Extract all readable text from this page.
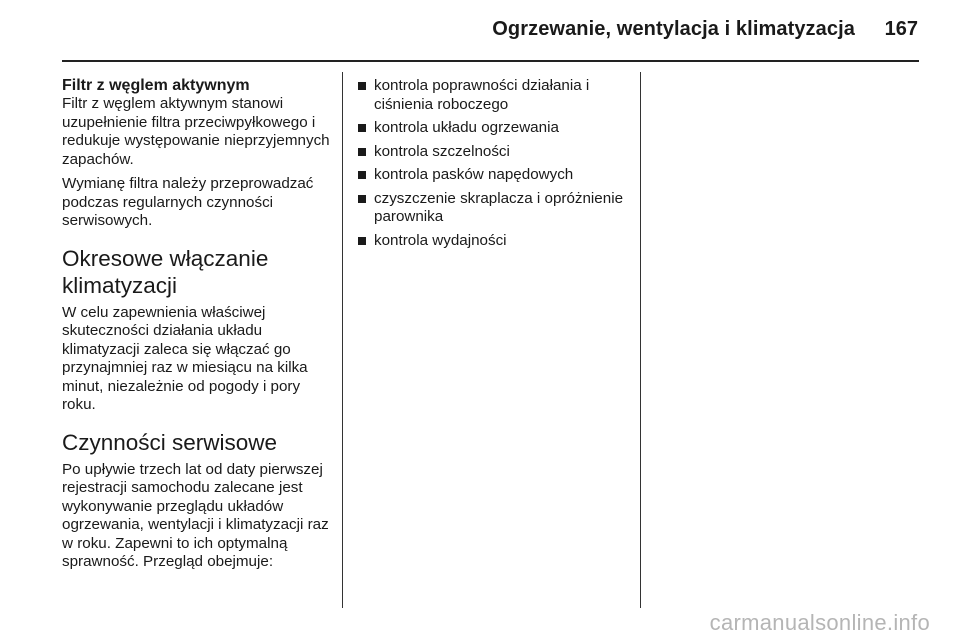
Ogrzewanie, wentylacja i klimatyzacja	167
Filtr z węglem aktywnym

Filtr z węglem aktywnym stanowi uzupełnienie filtra przeciwpyłkowego i redukuje występowanie nieprzyjemnych zapachów.

Wymianę filtra należy przeprowadzać podczas regularnych czynności serwisowych.

Okresowe włączanie klimatyzacji

W celu zapewnienia właściwej skuteczności działania układu klimatyzacji zaleca się włączać go przynajmniej raz w miesiącu na kilka minut, niezależnie od pogody i pory roku.

Czynności serwisowe

Po upływie trzech lat od daty pierwszej rejestracji samochodu zalecane jest wykonywanie przeglądu układów ogrzewania, wentylacji i klimatyzacji raz w roku. Zapewni to ich optymalną sprawność. Przegląd obejmuje:

kontrola poprawności działania i ciśnienia roboczego
kontrola układu ogrzewania
kontrola szczelności
kontrola pasków napędowych
czyszczenie skraplacza i opróżnienie parownika
kontrola wydajności
carmanualsonline.info
